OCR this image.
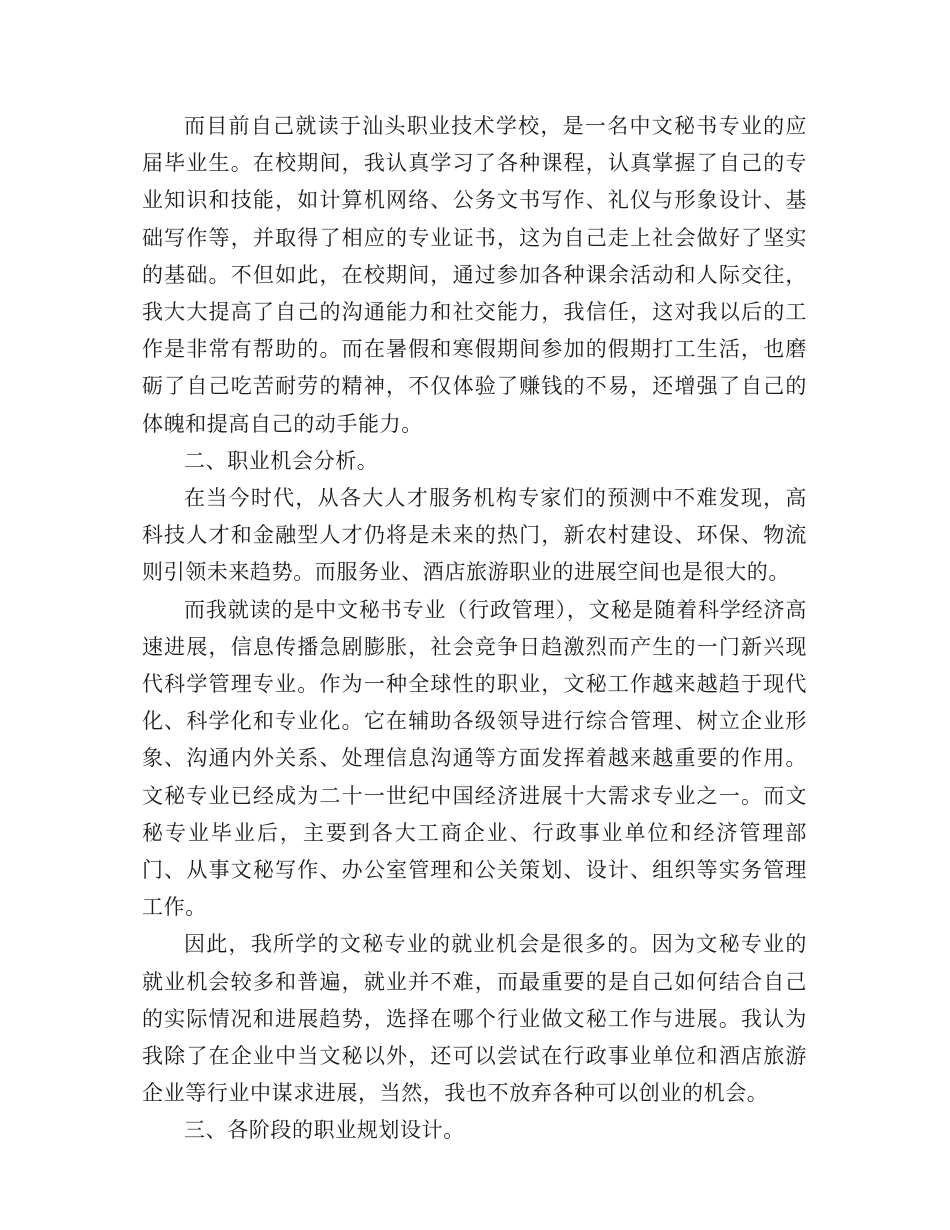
而目前自己就读于汕头职业技术学校，是一名中文秘书专业的应届毕业生。在校期间，我认真学习了各种课程，认真掌握了自己的专业知识和技能，如计算机网络、公务文书写作、礼仪与形象设计、基础写作等，并取得了相应的专业证书，这为自己走上社会做好了坚实的基础。不但如此，在校期间，通过参加各种课余活动和人际交往，我大大提高了自己的沟通能力和社交能力，我信任，这对我以后的工作是非常有帮助的。而在暑假和寒假期间参加的假期打工生活，也磨砺了自己吃苦耐劳的精神，不仅体验了赚钱的不易，还增强了自己的体魄和提高自己的动手能力。

二、职业机会分析。

在当今时代，从各大人才服务机构专家们的预测中不难发现，高科技人才和金融型人才仍将是未来的热门，新农村建设、环保、物流则引领未来趋势。而服务业、酒店旅游职业的进展空间也是很大的。

而我就读的是中文秘书专业（行政管理），文秘是随着科学经济高速进展，信息传播急剧膨胀，社会竞争日趋激烈而产生的一门新兴现代科学管理专业。作为一种全球性的职业，文秘工作越来越趋于现代化、科学化和专业化。它在辅助各级领导进行综合管理、树立企业形象、沟通内外关系、处理信息沟通等方面发挥着越来越重要的作用。文秘专业已经成为二十一世纪中国经济进展十大需求专业之一。而文秘专业毕业后，主要到各大工商企业、行政事业单位和经济管理部门、从事文秘写作、办公室管理和公关策划、设计、组织等实务管理工作。

因此，我所学的文秘专业的就业机会是很多的。因为文秘专业的就业机会较多和普遍，就业并不难，而最重要的是自己如何结合自己的实际情况和进展趋势，选择在哪个行业做文秘工作与进展。我认为我除了在企业中当文秘以外，还可以尝试在行政事业单位和酒店旅游企业等行业中谋求进展，当然，我也不放弃各种可以创业的机会。

三、各阶段的职业规划设计。
